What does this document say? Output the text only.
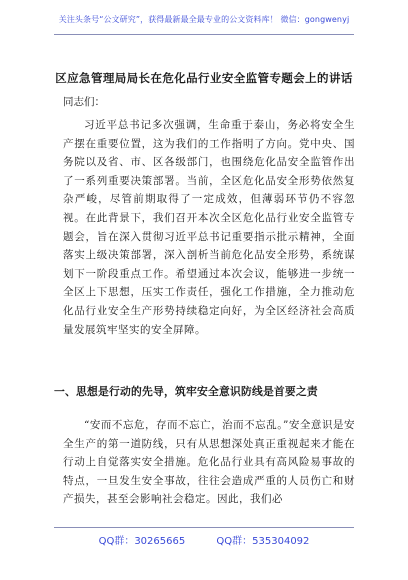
关注头条号“公文研究”，获得最新最全最专业的公文资料库！ 微信：gongwenyj
区应急管理局局长在危化品行业安全监管专题会上的讲话
同志们：

习近平总书记多次强调，生命重于泰山，务必将安全生产摆在重要位置，这为我们的工作指明了方向。党中央、国务院以及省、市、区各级部门，也围绕危化品安全监管作出了一系列重要决策部署。当前，全区危化品安全形势依然复杂严峻，尽管前期取得了一定成效，但薄弱环节仍不容忽视。在此背景下，我们召开本次全区危化品行业安全监管专题会，旨在深入贯彻习近平总书记重要指示批示精神，全面落实上级决策部署，深入剖析当前危化品安全形势，系统谋划下一阶段重点工作。希望通过本次会议，能够进一步统一全区上下思想，压实工作责任，强化工作措施，全力推动危化品行业安全生产形势持续稳定向好，为全区经济社会高质量发展筑牢坚实的安全屏障。

一、思想是行动的先导，筑牢安全意识防线是首要之责

“安而不忘危，存而不忘亡，治而不忘乱。”安全意识是安全生产的第一道防线，只有从思想深处真正重视起来才能在行动上自觉落实安全措施。危化品行业具有高风险易事故的特点，一旦发生安全事故，往往会造成严重的人员伤亡和财产损失，甚至会影响社会稳定。因此，我们必

QQ群：30265665	QQ群：535304092
